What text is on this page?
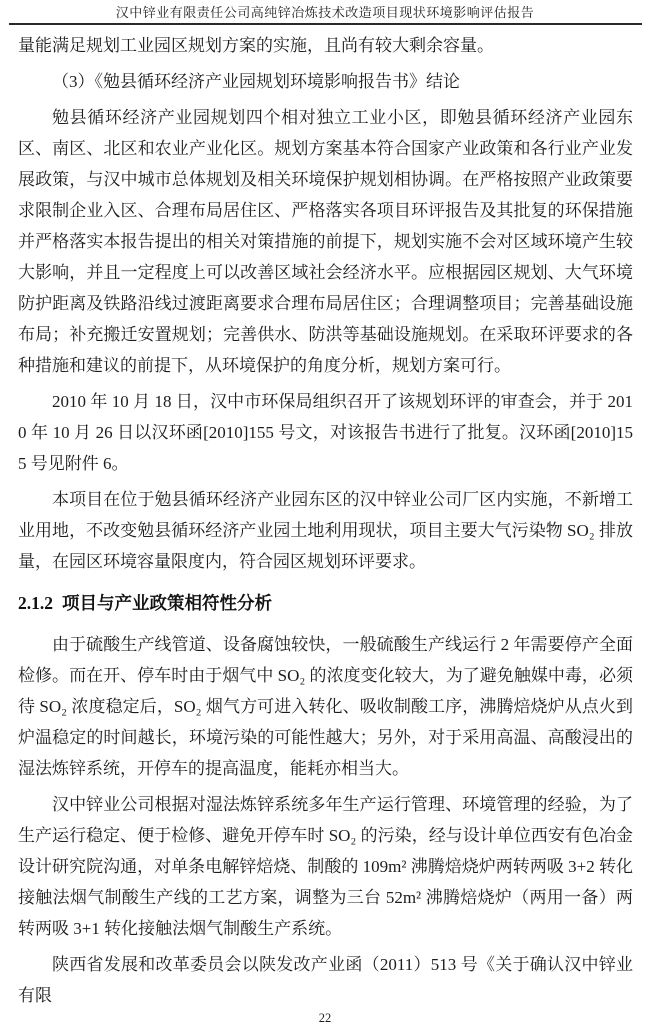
汉中锌业有限责任公司高纯锌冶炼技术改造项目现状环境影响评估报告

量能满足规划工业园区规划方案的实施，且尚有较大剩余容量。

（3）《勉县循环经济产业园规划环境影响报告书》结论

勉县循环经济产业园规划四个相对独立工业小区，即勉县循环经济产业园东区、南区、北区和农业产业化区。规划方案基本符合国家产业政策和各行业产业发展政策，与汉中城市总体规划及相关环境保护规划相协调。在严格按照产业政策要求限制企业入区、合理布局居住区、严格落实各项目环评报告及其批复的环保措施并严格落实本报告提出的相关对策措施的前提下，规划实施不会对区域环境产生较大影响，并且一定程度上可以改善区域社会经济水平。应根据园区规划、大气环境防护距离及铁路沿线过渡距离要求合理布局居住区；合理调整项目；完善基础设施布局；补充搬迁安置规划；完善供水、防洪等基础设施规划。在采取环评要求的各种措施和建议的前提下，从环境保护的角度分析，规划方案可行。

2010 年 10 月 18 日，汉中市环保局组织召开了该规划环评的审查会，并于 2010 年 10 月 26 日以汉环函[2010]155 号文，对该报告书进行了批复。汉环函[2010]155 号见附件 6。

本项目在位于勉县循环经济产业园东区的汉中锌业公司厂区内实施，不新增工业用地，不改变勉县循环经济产业园土地利用现状，项目主要大气污染物 SO₂ 排放量，在园区环境容量限度内，符合园区规划环评要求。

2.1.2 项目与产业政策相符性分析

由于硫酸生产线管道、设备腐蚀较快，一般硫酸生产线运行 2 年需要停产全面检修。而在开、停车时由于烟气中 SO₂ 的浓度变化较大，为了避免触媒中毒，必须待 SO₂ 浓度稳定后，SO₂ 烟气方可进入转化、吸收制酸工序，沸腾焙烧炉从点火到炉温稳定的时间越长，环境污染的可能性越大；另外，对于采用高温、高酸浸出的湿法炼锌系统，开停车的提高温度，能耗亦相当大。

汉中锌业公司根据对湿法炼锌系统多年生产运行管理、环境管理的经验，为了生产运行稳定、便于检修、避免开停车时 SO₂ 的污染，经与设计单位西安有色冶金设计研究院沟通，对单条电解锌焙烧、制酸的 109m² 沸腾焙烧炉两转两吸 3+2 转化接触法烟气制酸生产线的工艺方案，调整为三台 52m² 沸腾焙烧炉（两用一备）两转两吸 3+1 转化接触法烟气制酸生产系统。

陕西省发展和改革委员会以陕发改产业函（2011）513 号《关于确认汉中锌业有限

22
